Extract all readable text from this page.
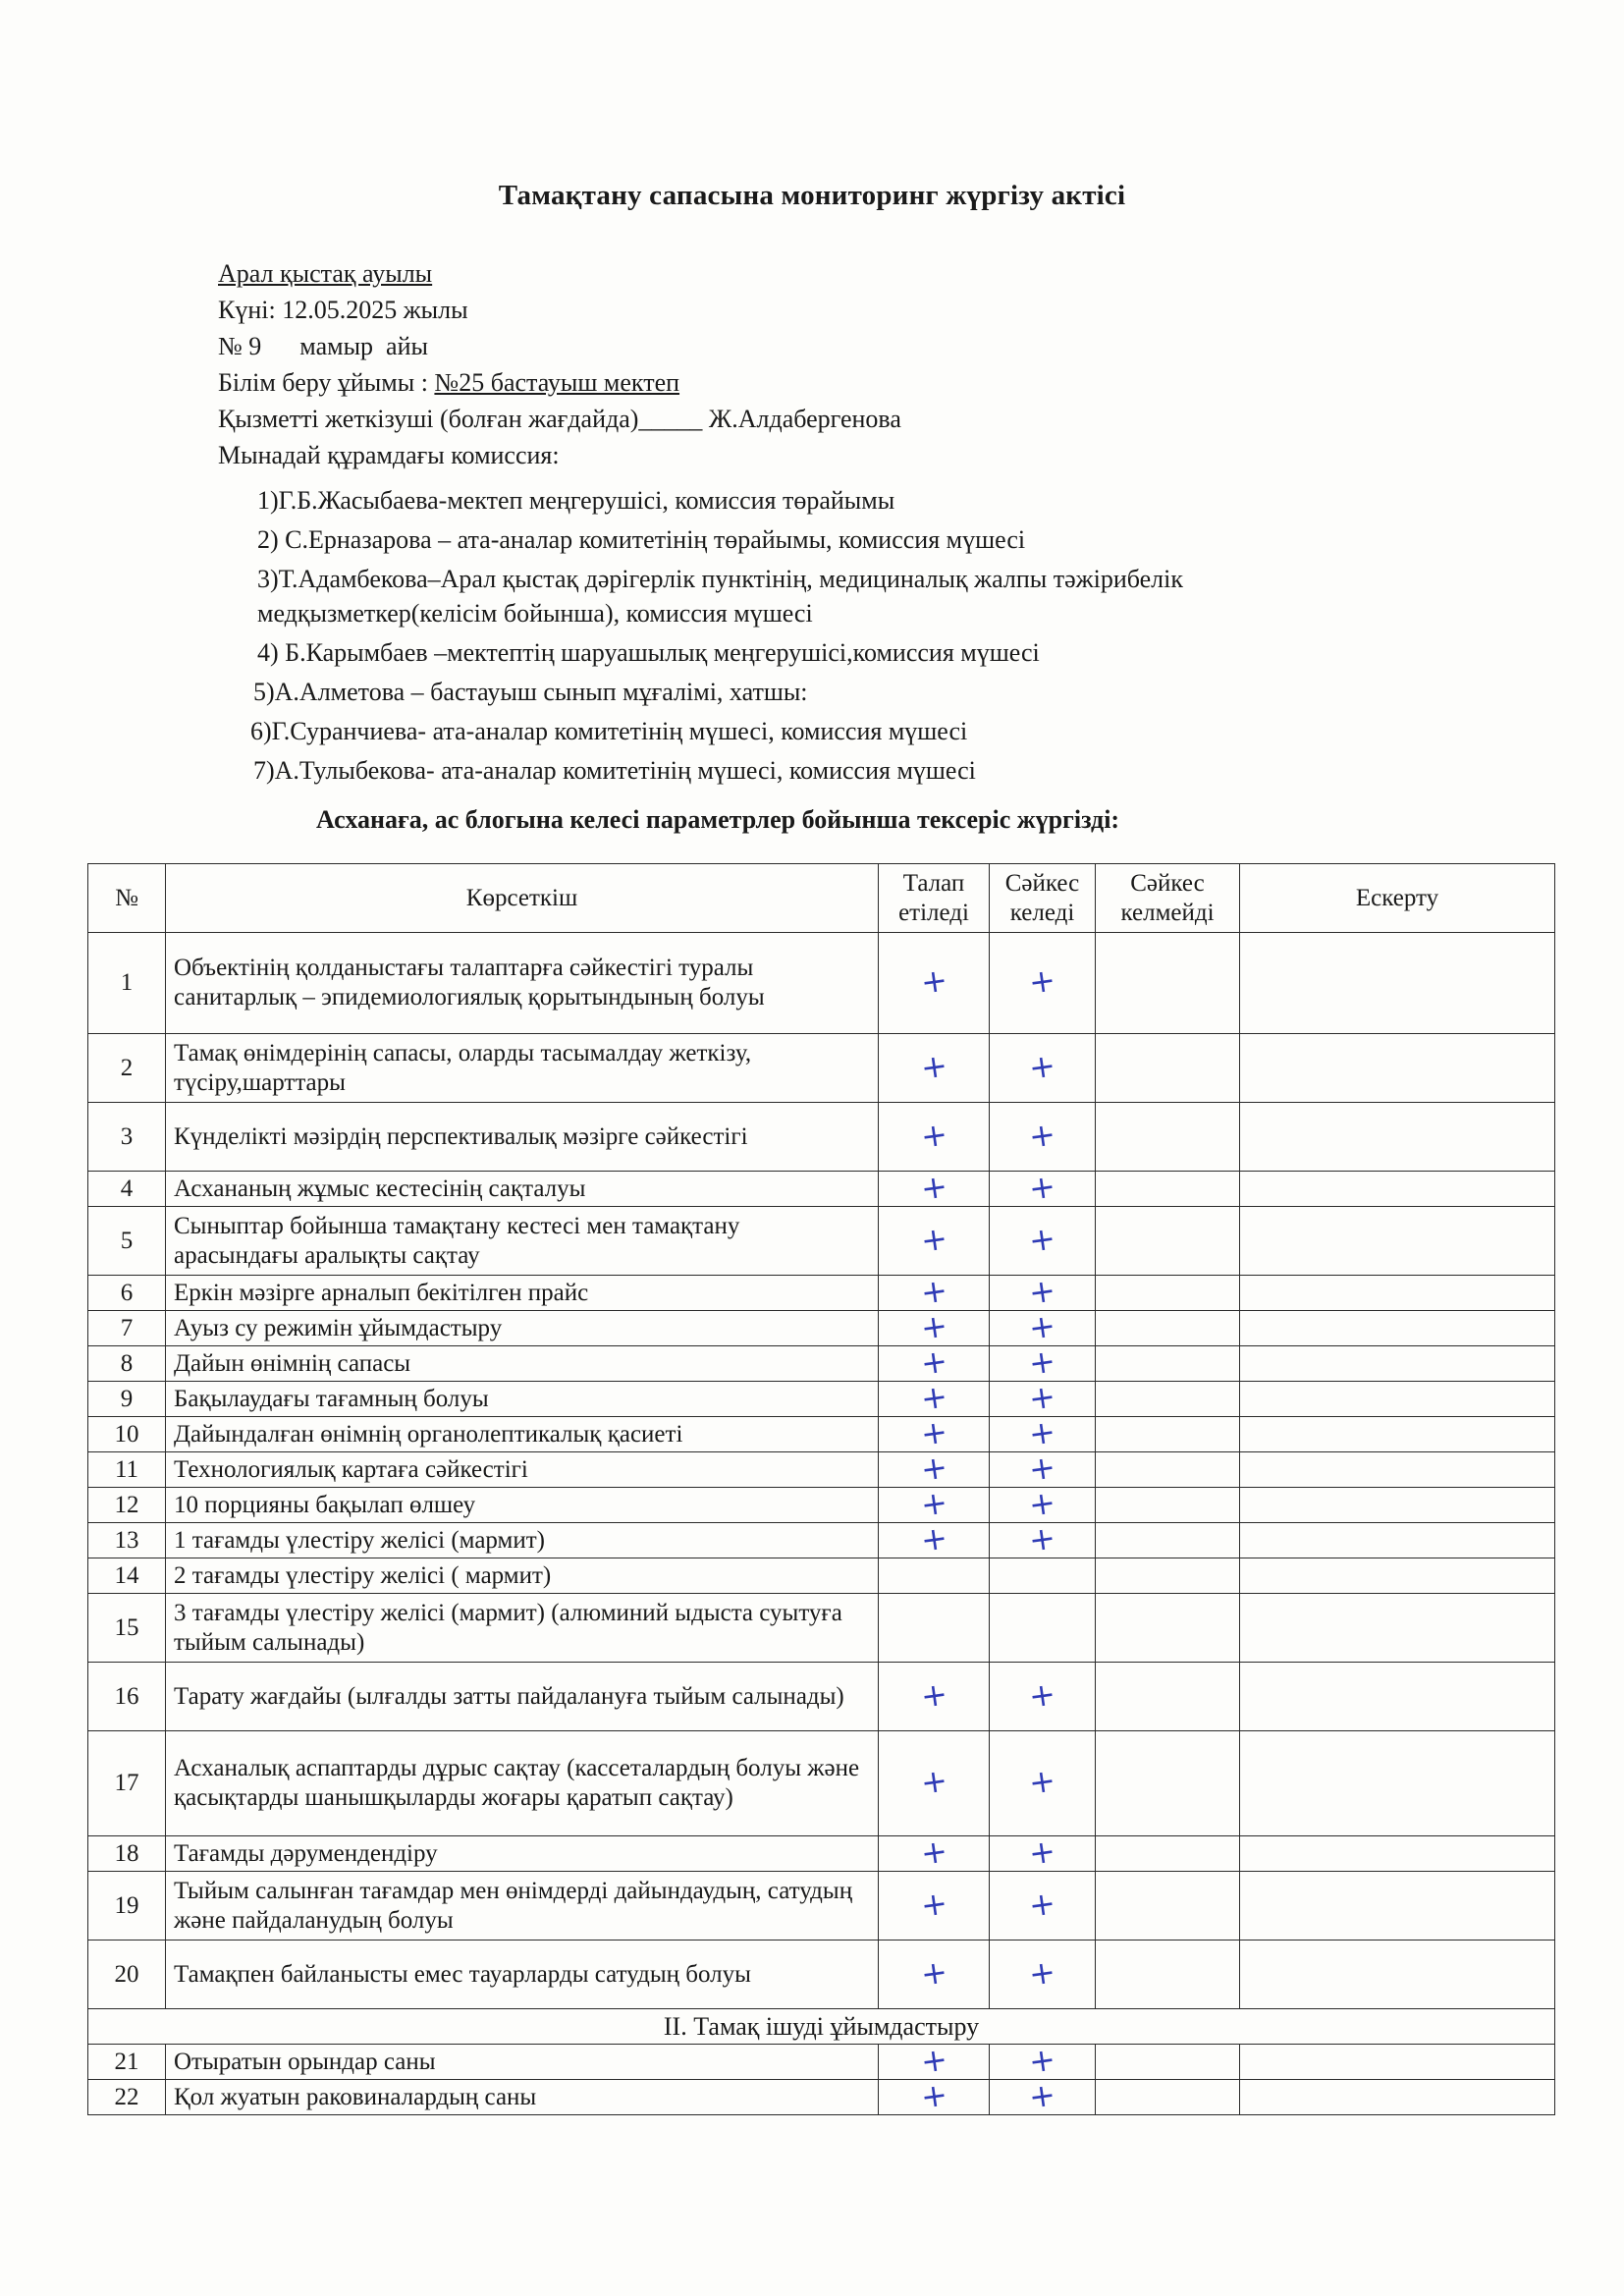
Тамақтану сапасына мониторинг жүргізу актісі
Арал қыстақ ауылы
Күні: 12.05.2025 жылы
№ 9      мамыр  айы
Білім беру ұйымы : №25 бастауыш мектеп
Қызметті жеткізуші (болған жағдайда)_____ Ж.Алдабергенова
Мынадай құрамдағы комиссия:
1)Г.Б.Жасыбаева-мектеп меңгерушісі, комиссия төрайымы
2) С.Ерназарова – ата-аналар комитетінің төрайымы, комиссия мүшесі
3)Т.Адамбекова–Арал қыстақ дәрігерлік пунктінің, медициналық жалпы тәжірибелік
медқызметкер(келісім бойынша), комиссия мүшесі
4) Б.Карымбаев –мектептің шаруашылық меңгерушісі,комиссия мүшесі
5)А.Алметова – бастауыш сынып мұғалімі, хатшы:
6)Г.Суранчиева- ата-аналар комитетінің мүшесі, комиссия мүшесі
7)А.Тулыбекова- ата-аналар комитетінің мүшесі, комиссия мүшесі
Асханаға, ас блогына келесі параметрлер бойынша тексеріс жүргізді:
№	Көрсеткіш	Талап етіледі	Сәйкес келеді	Сәйкес келмейді	Ескерту
1	Объектінің қолданыстағы талаптарға сәйкестігі туралы санитарлық – эпидемиологиялық қорытындының болуы	+	+		
2	Тамақ өнімдерінің сапасы, оларды тасымалдау жеткізу, түсіру,шарттары	+	+		
3	Күнделікті мәзірдің перспективалық мәзірге сәйкестігі	+	+		
4	Асхананың жұмыс кестесінің сақталуы	+	+		
5	Сыныптар бойынша тамақтану кестесі мен тамақтану арасындағы аралықты сақтау	+	+		
6	Еркін мәзірге арналып бекітілген прайс	+	+		
7	Ауыз су режимін ұйымдастыру	+	+		
8	Дайын өнімнің сапасы	+	+		
9	Бақылаудағы тағамның болуы	+	+		
10	Дайындалған өнімнің органолептикалық қасиеті	+	+		
11	Технологиялық картаға сәйкестігі	+	+		
12	10 порцияны бақылап өлшеу	+	+		
13	1 тағамды үлестіру желісі (мармит)	+	+		
14	2 тағамды үлестіру желісі ( мармит)				
15	3 тағамды үлестіру желісі (мармит) (алюминий ыдыста суытуға тыйым салынады)				
16	Тарату жағдайы (ылғалды затты пайдалануға тыйым салынады)	+	+		
17	Асханалық аспаптарды дұрыс сақтау (кассеталардың болуы және қасықтарды шанышқыларды жоғары қаратып сақтау)	+	+		
18	Тағамды дәрумендендіру	+	+		
19	Тыйым салынған тағамдар мен өнімдерді дайындаудың, сатудың және пайдаланудың болуы	+	+		
20	Тамақпен байланысты емес тауарларды сатудың болуы	+	+		
II. Тамақ ішуді ұйымдастыру					
21	Отыратын орындар саны	+	+		
22	Қол жуатын раковиналардың саны	+	+		
